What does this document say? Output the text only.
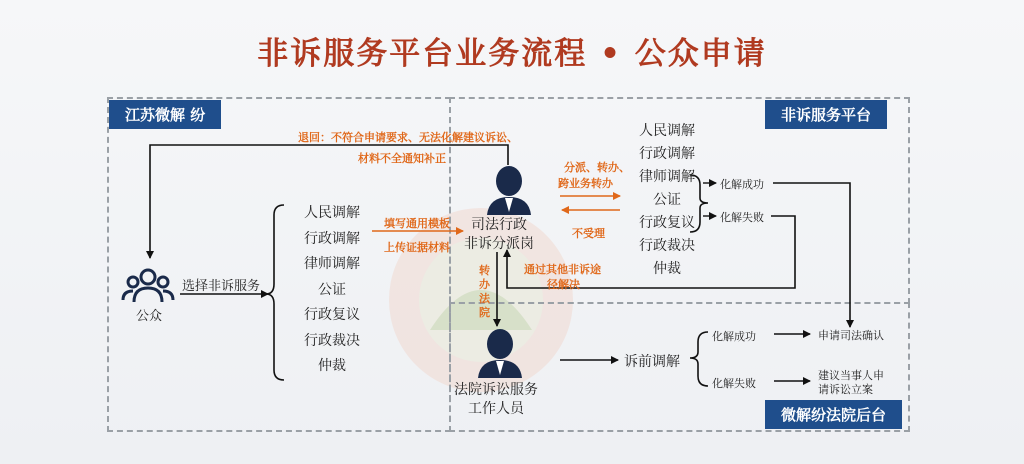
非诉服务平台业务流程 • 公众申请
江苏微解 纷	非诉服务平台
微解纷法院后台
公众
司法行政
非诉分派岗
法院诉讼服务
工作人员
退回：不符合申请要求、无法化解建议诉讼、
材料不全通知补正
选择非诉服务
人民调解
行政调解
律师调解
公证
行政复议
行政裁决
仲裁
填写通用模板
上传证据材料
分派、转办、
跨业务转办
不受理
通过其他非诉途
径解决
转
办
法
院
人民调解
行政调解
律师调解
公证
行政复议
行政裁决
仲裁
化解成功
化解失败
诉前调解
化解成功
化解失败
申请司法确认
建议当事人申
请诉讼立案
